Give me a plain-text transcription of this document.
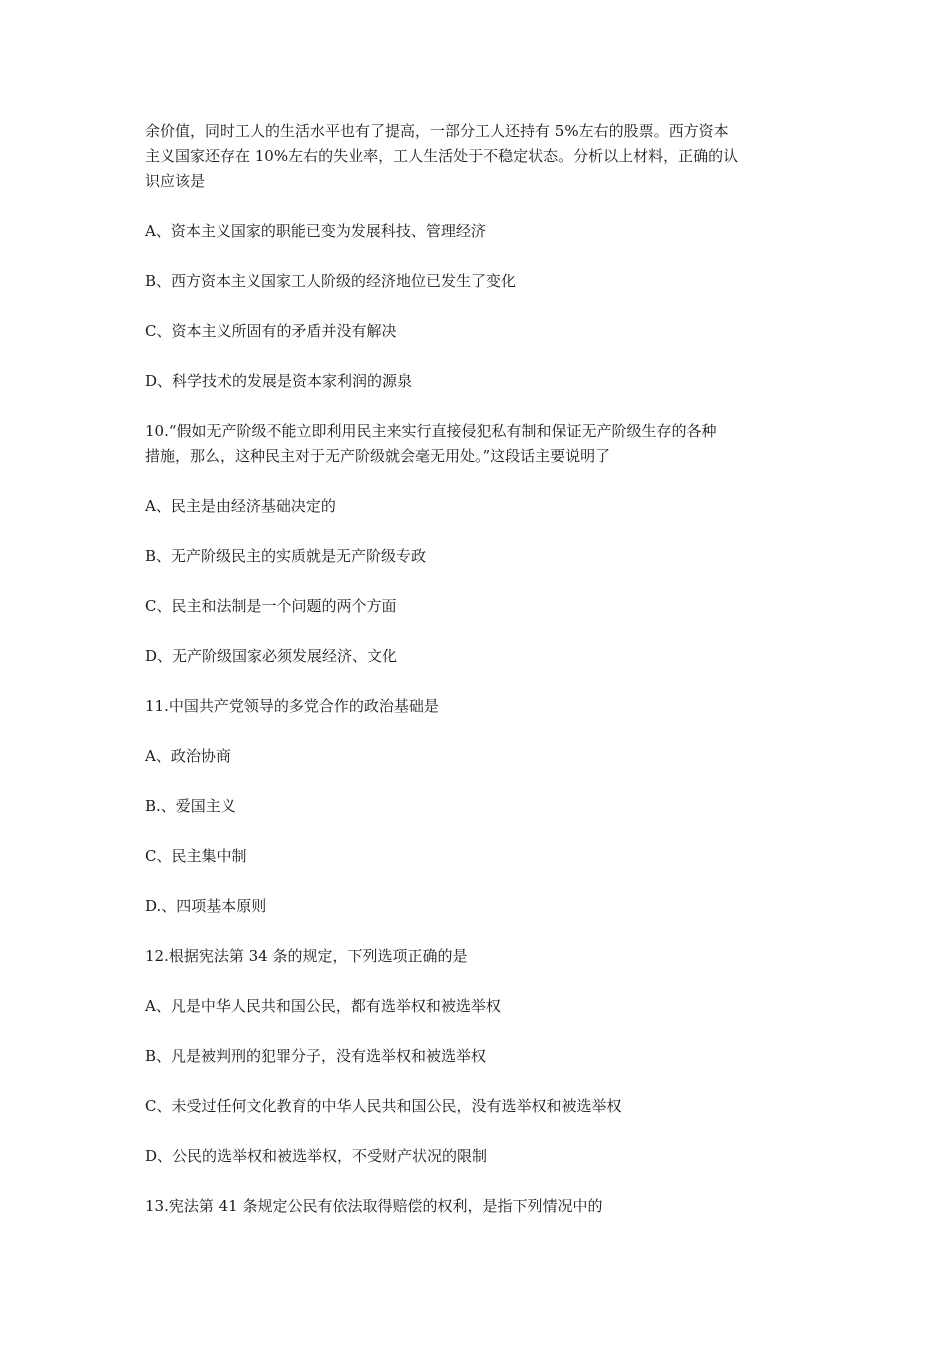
余价值，同时工人的生活水平也有了提高，一部分工人还持有 5%左右的股票。西方资本

主义国家还存在 10%左右的失业率，工人生活处于不稳定状态。分析以上材料，正确的认

识应该是

A、资本主义国家的职能已变为发展科技、管理经济

B、西方资本主义国家工人阶级的经济地位已发生了变化

C、资本主义所固有的矛盾并没有解决

D、科学技术的发展是资本家利润的源泉

10.“假如无产阶级不能立即利用民主来实行直接侵犯私有制和保证无产阶级生存的各种

措施，那么，这种民主对于无产阶级就会毫无用处。”这段话主要说明了

A、民主是由经济基础决定的

B、无产阶级民主的实质就是无产阶级专政

C、民主和法制是一个问题的两个方面

D、无产阶级国家必须发展经济、文化

11.中国共产党领导的多党合作的政治基础是

A、政治协商

B.、爱国主义

C、民主集中制

D.、四项基本原则

12.根据宪法第 34 条的规定，下列选项正确的是

A、凡是中华人民共和国公民，都有选举权和被选举权

B、凡是被判刑的犯罪分子，没有选举权和被选举权

C、未受过任何文化教育的中华人民共和国公民，没有选举权和被选举权

D、公民的选举权和被选举权，不受财产状况的限制

13.宪法第 41 条规定公民有依法取得赔偿的权利，是指下列情况中的
